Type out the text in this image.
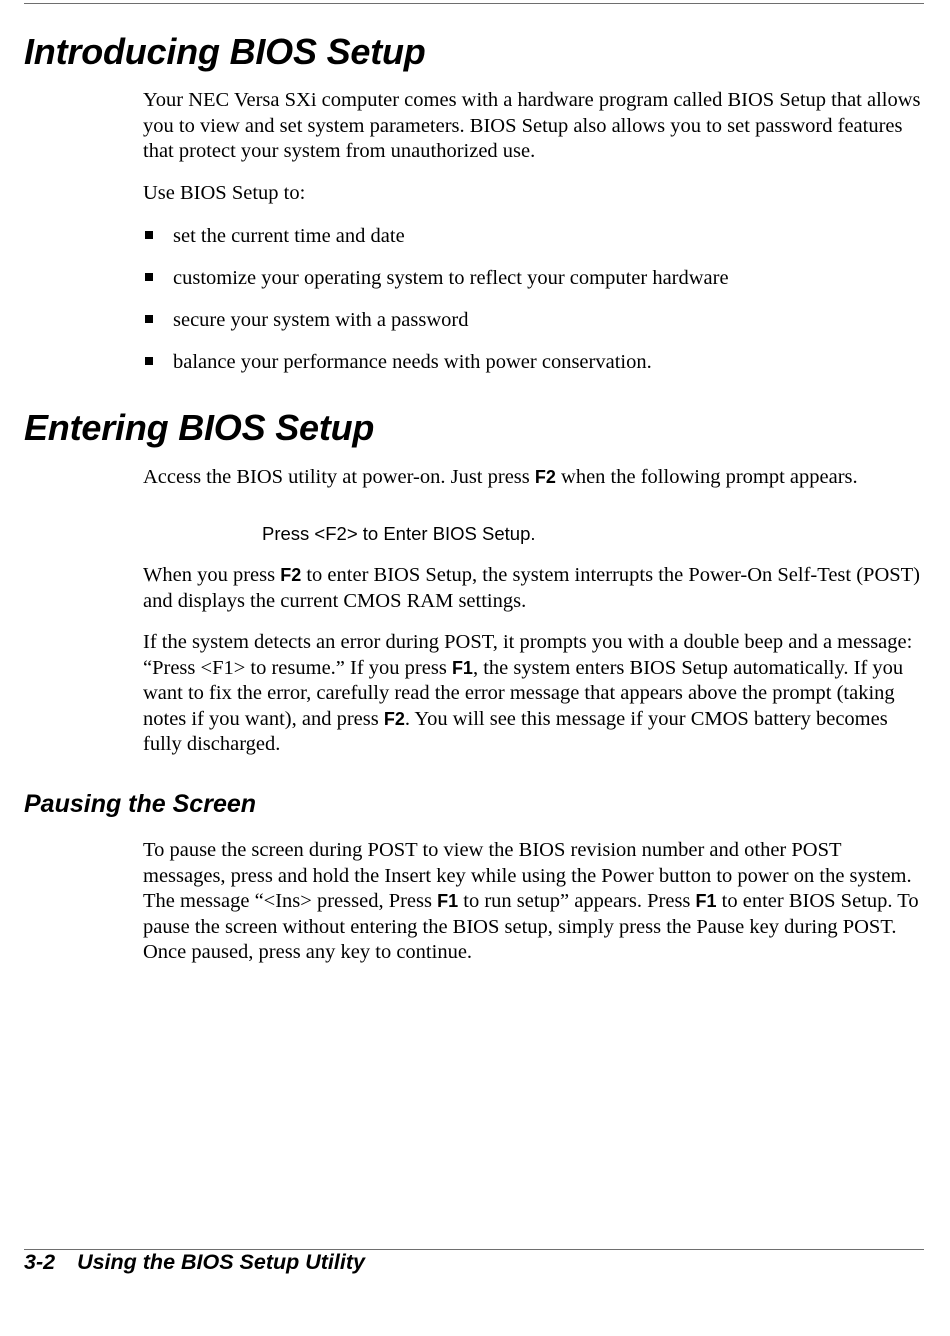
Introducing BIOS Setup

Your NEC Versa SXi computer comes with a hardware program called BIOS Setup that allows you to view and set system parameters. BIOS Setup also allows you to set password features that protect your system from unauthorized use.

Use BIOS Setup to:

set the current time and date
customize your operating system to reflect your computer hardware
secure your system with a password
balance your performance needs with power conservation.
Entering BIOS Setup

Access the BIOS utility at power-on. Just press F2 when the following prompt appears.

Press <F2> to Enter BIOS Setup.

When you press F2 to enter BIOS Setup, the system interrupts the Power-On Self-Test (POST) and displays the current CMOS RAM settings.

If the system detects an error during POST, it prompts you with a double beep and a message: “Press <F1> to resume.” If you press F1, the system enters BIOS Setup automatically. If you want to fix the error, carefully read the error message that appears above the prompt (taking notes if you want), and press F2. You will see this message if your CMOS battery becomes fully discharged.

Pausing the Screen

To pause the screen during POST to view the BIOS revision number and other POST messages, press and hold the Insert key while using the Power button to power on the system. The message “<Ins> pressed, Press F1 to run setup” appears. Press F1 to enter BIOS Setup. To pause the screen without entering the BIOS setup, simply press the Pause key during POST. Once paused, press any key to continue.

3-2 Using the BIOS Setup Utility
